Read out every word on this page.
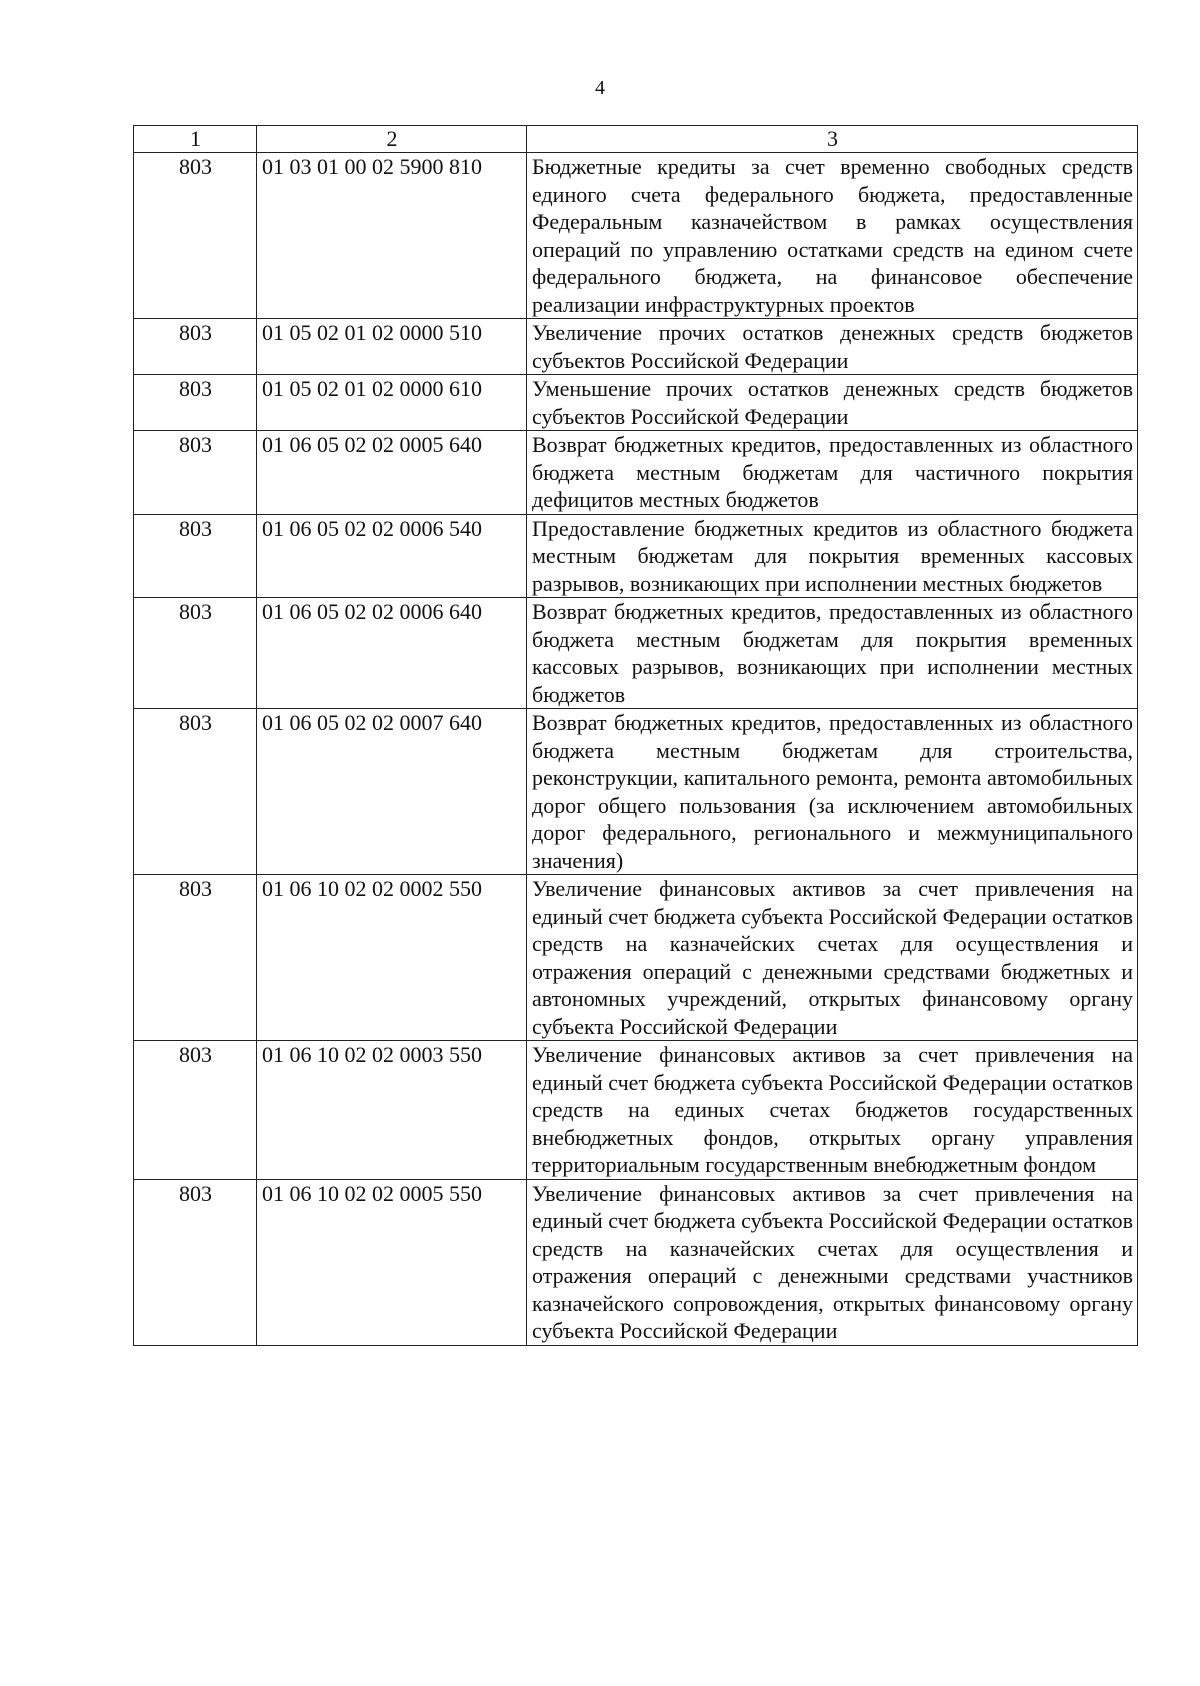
4
1	2	3
803	01 03 01 00 02 5900 810	Бюджетные кредиты за счет временно свободных средств единого счета федерального бюджета, предоставленные Федеральным казначейством в рамках осуществления операций по управлению остатками средств на едином счете федерального бюджета, на финансовое обеспечение реализации инфраструктурных проектов
803	01 05 02 01 02 0000 510	Увеличение прочих остатков денежных средств бюджетов субъектов Российской Федерации
803	01 05 02 01 02 0000 610	Уменьшение прочих остатков денежных средств бюджетов субъектов Российской Федерации
803	01 06 05 02 02 0005 640	Возврат бюджетных кредитов, предоставленных из областного бюджета местным бюджетам для частичного покрытия дефицитов местных бюджетов
803	01 06 05 02 02 0006 540	Предоставление бюджетных кредитов из областного бюджета местным бюджетам для покрытия временных кассовых разрывов, возникающих при исполнении местных бюджетов
803	01 06 05 02 02 0006 640	Возврат бюджетных кредитов, предоставленных из областного бюджета местным бюджетам для покрытия временных кассовых разрывов, возникающих при исполнении местных бюджетов
803	01 06 05 02 02 0007 640	Возврат бюджетных кредитов, предоставленных из областного бюджета местным бюджетам для строительства, реконструкции, капитального ремонта, ремонта автомобильных дорог общего пользования (за исключением автомобильных дорог федерального, регионального и межмуниципального значения)
803	01 06 10 02 02 0002 550	Увеличение финансовых активов за счет привлечения на единый счет бюджета субъекта Российской Федерации остатков средств на казначейских счетах для осуществления и отражения операций с денежными средствами бюджетных и автономных учреждений, открытых финансовому органу субъекта Российской Федерации
803	01 06 10 02 02 0003 550	Увеличение финансовых активов за счет привлечения на единый счет бюджета субъекта Российской Федерации остатков средств на единых счетах бюджетов государственных внебюджетных фондов, открытых органу управления территориальным государственным внебюджетным фондом
803	01 06 10 02 02 0005 550	Увеличение финансовых активов за счет привлечения на единый счет бюджета субъекта Российской Федерации остатков средств на казначейских счетах для осуществления и отражения операций с денежными средствами участников казначейского сопровождения, открытых финансовому органу субъекта Российской Федерации
